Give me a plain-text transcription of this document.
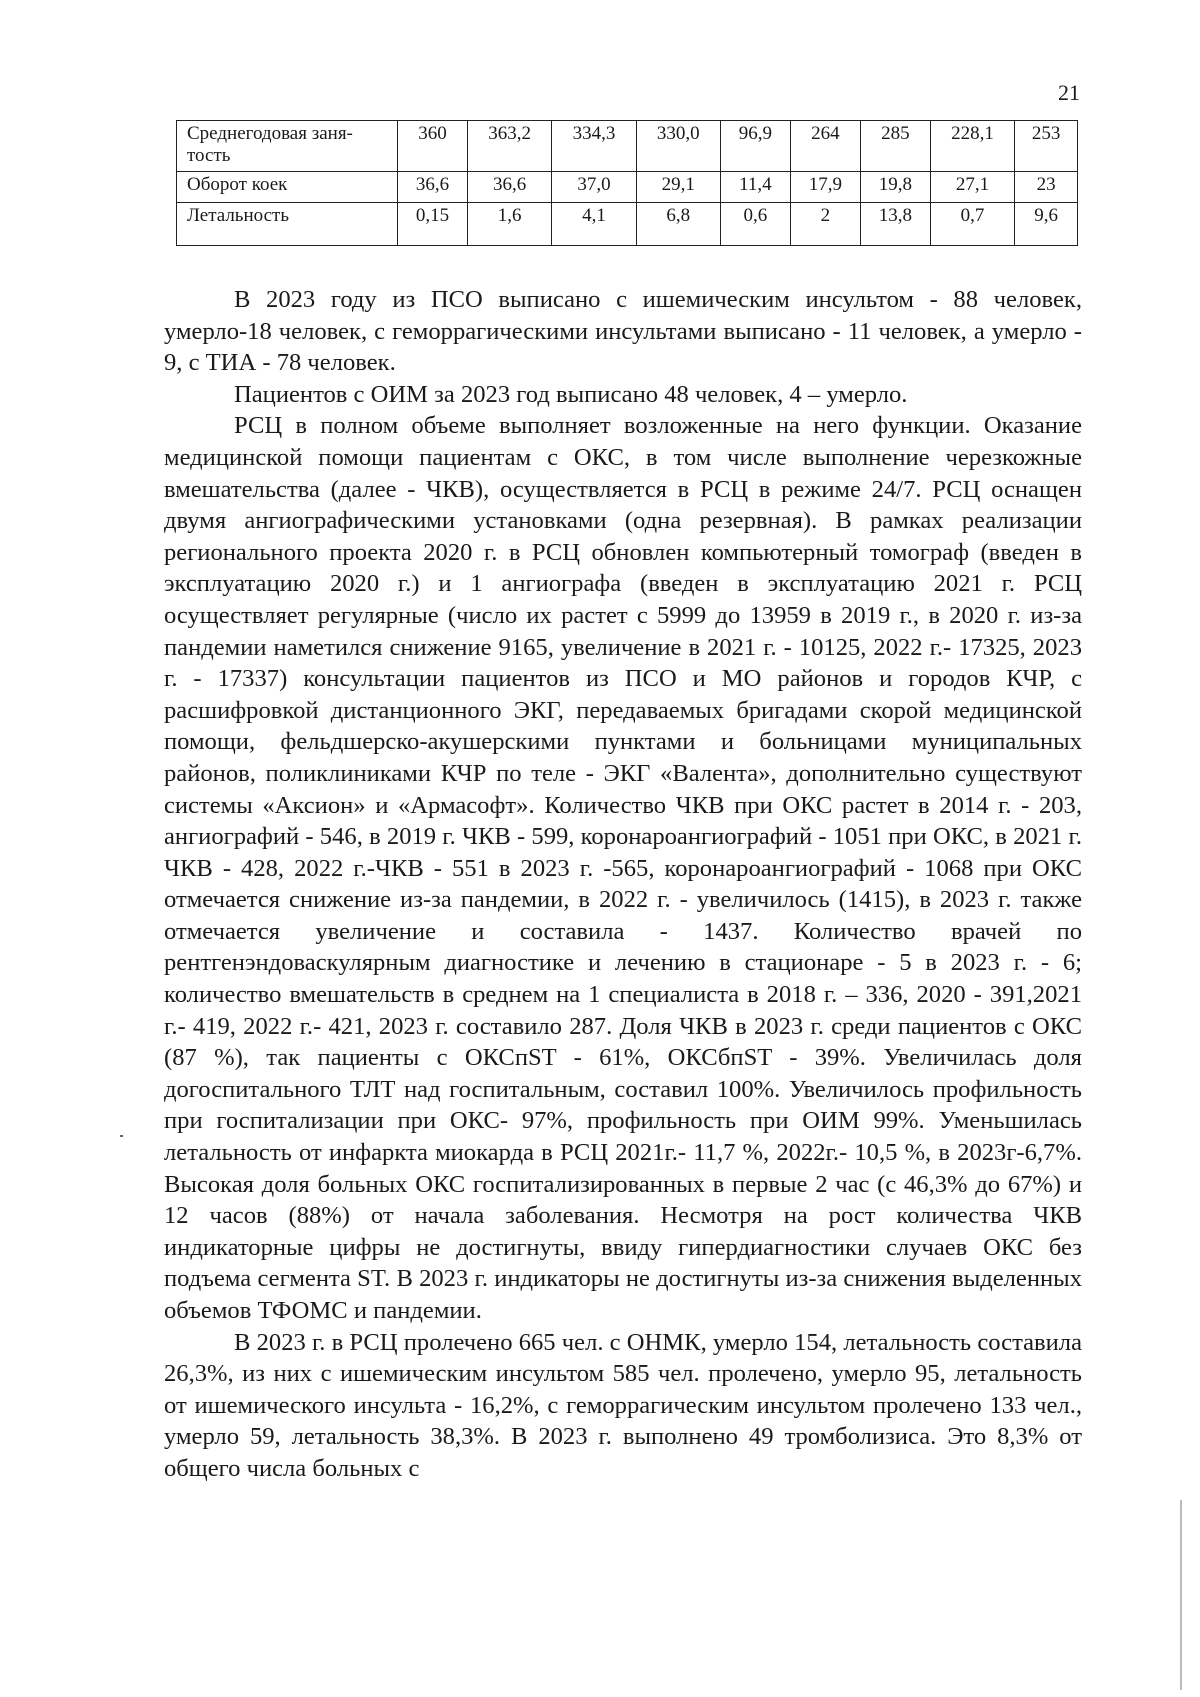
21
Среднегодовая заня-тость	360	363,2	334,3	330,0	96,9	264	285	228,1	253
Оборот коек	36,6	36,6	37,0	29,1	11,4	17,9	19,8	27,1	23
Летальность	0,15	1,6	4,1	6,8	0,6	2	13,8	0,7	9,6

В 2023 году из ПСО выписано с ишемическим инсультом - 88 человек, умерло-18 человек, с геморрагическими инсультами выписано - 11 человек, а умерло - 9, с ТИА - 78 человек.

Пациентов с ОИМ за 2023 год выписано 48 человек, 4 – умерло.

РСЦ в полном объеме выполняет возложенные на него функции. Оказание медицинской помощи пациентам с ОКС, в том числе выполнение черезкожные вмешательства (далее - ЧКВ), осуществляется в РСЦ в режиме 24/7. РСЦ оснащен двумя ангиографическими установками (одна резервная). В рамках реализации регионального проекта 2020 г. в РСЦ обновлен компьютерный томограф (введен в эксплуатацию 2020 г.) и 1 ангиографа (введен в эксплуатацию 2021 г. РСЦ осуществляет регулярные (число их растет с 5999 до 13959 в 2019 г., в 2020 г. из-за пандемии наметился снижение 9165, увеличение в 2021 г. - 10125, 2022 г.- 17325, 2023 г. - 17337) консультации пациентов из ПСО и МО районов и городов КЧР, с расшифровкой дистанционного ЭКГ, передаваемых бригадами скорой медицинской помощи, фельдшерско-акушерскими пунктами и больницами муниципальных районов, поликлиниками КЧР по теле - ЭКГ «Валента», дополнительно существуют системы «Аксион» и «Армасофт». Количество ЧКВ при ОКС растет в 2014 г. - 203, ангиографий - 546, в 2019 г. ЧКВ - 599, коронароангиографий - 1051 при ОКС, в 2021 г. ЧКВ - 428, 2022 г.-ЧКВ - 551 в 2023 г. -565, коронароангиографий - 1068 при ОКС отмечается снижение из-за пандемии, в 2022 г. - увеличилось (1415), в 2023 г. также отмечается увеличение и составила - 1437. Количество врачей по рентгенэндоваскулярным диагностике и лечению в стационаре - 5 в 2023 г. - 6; количество вмешательств в среднем на 1 специалиста в 2018 г. – 336, 2020 - 391,2021 г.- 419, 2022 г.- 421, 2023 г. составило 287. Доля ЧКВ в 2023 г. среди пациентов с ОКС (87 %), так пациенты с ОКСпST - 61%, ОКСбпST - 39%. Увеличилась доля догоспитального ТЛТ над госпитальным, составил 100%. Увеличилось профильность при госпитализации при ОКС- 97%, профильность при ОИМ 99%. Уменьшилась летальность от инфаркта миокарда в РСЦ 2021г.- 11,7 %, 2022г.- 10,5 %, в 2023г-6,7%. Высокая доля больных ОКС госпитализированных в первые 2 час (с 46,3% до 67%) и 12 часов (88%) от начала заболевания. Несмотря на рост количества ЧКВ индикаторные цифры не достигнуты, ввиду гипердиагностики случаев ОКС без подъема сегмента ST. В 2023 г. индикаторы не достигнуты из-за снижения выделенных объемов ТФОМС и пандемии.

В 2023 г. в РСЦ пролечено 665 чел. с ОНМК, умерло 154, летальность составила 26,3%, из них с ишемическим инсультом 585 чел. пролечено, умерло 95, летальность от ишемического инсульта - 16,2%, с геморрагическим инсультом пролечено 133 чел., умерло 59, летальность 38,3%. В 2023 г. выполнено 49 тромболизиса. Это 8,3% от общего числа больных с
